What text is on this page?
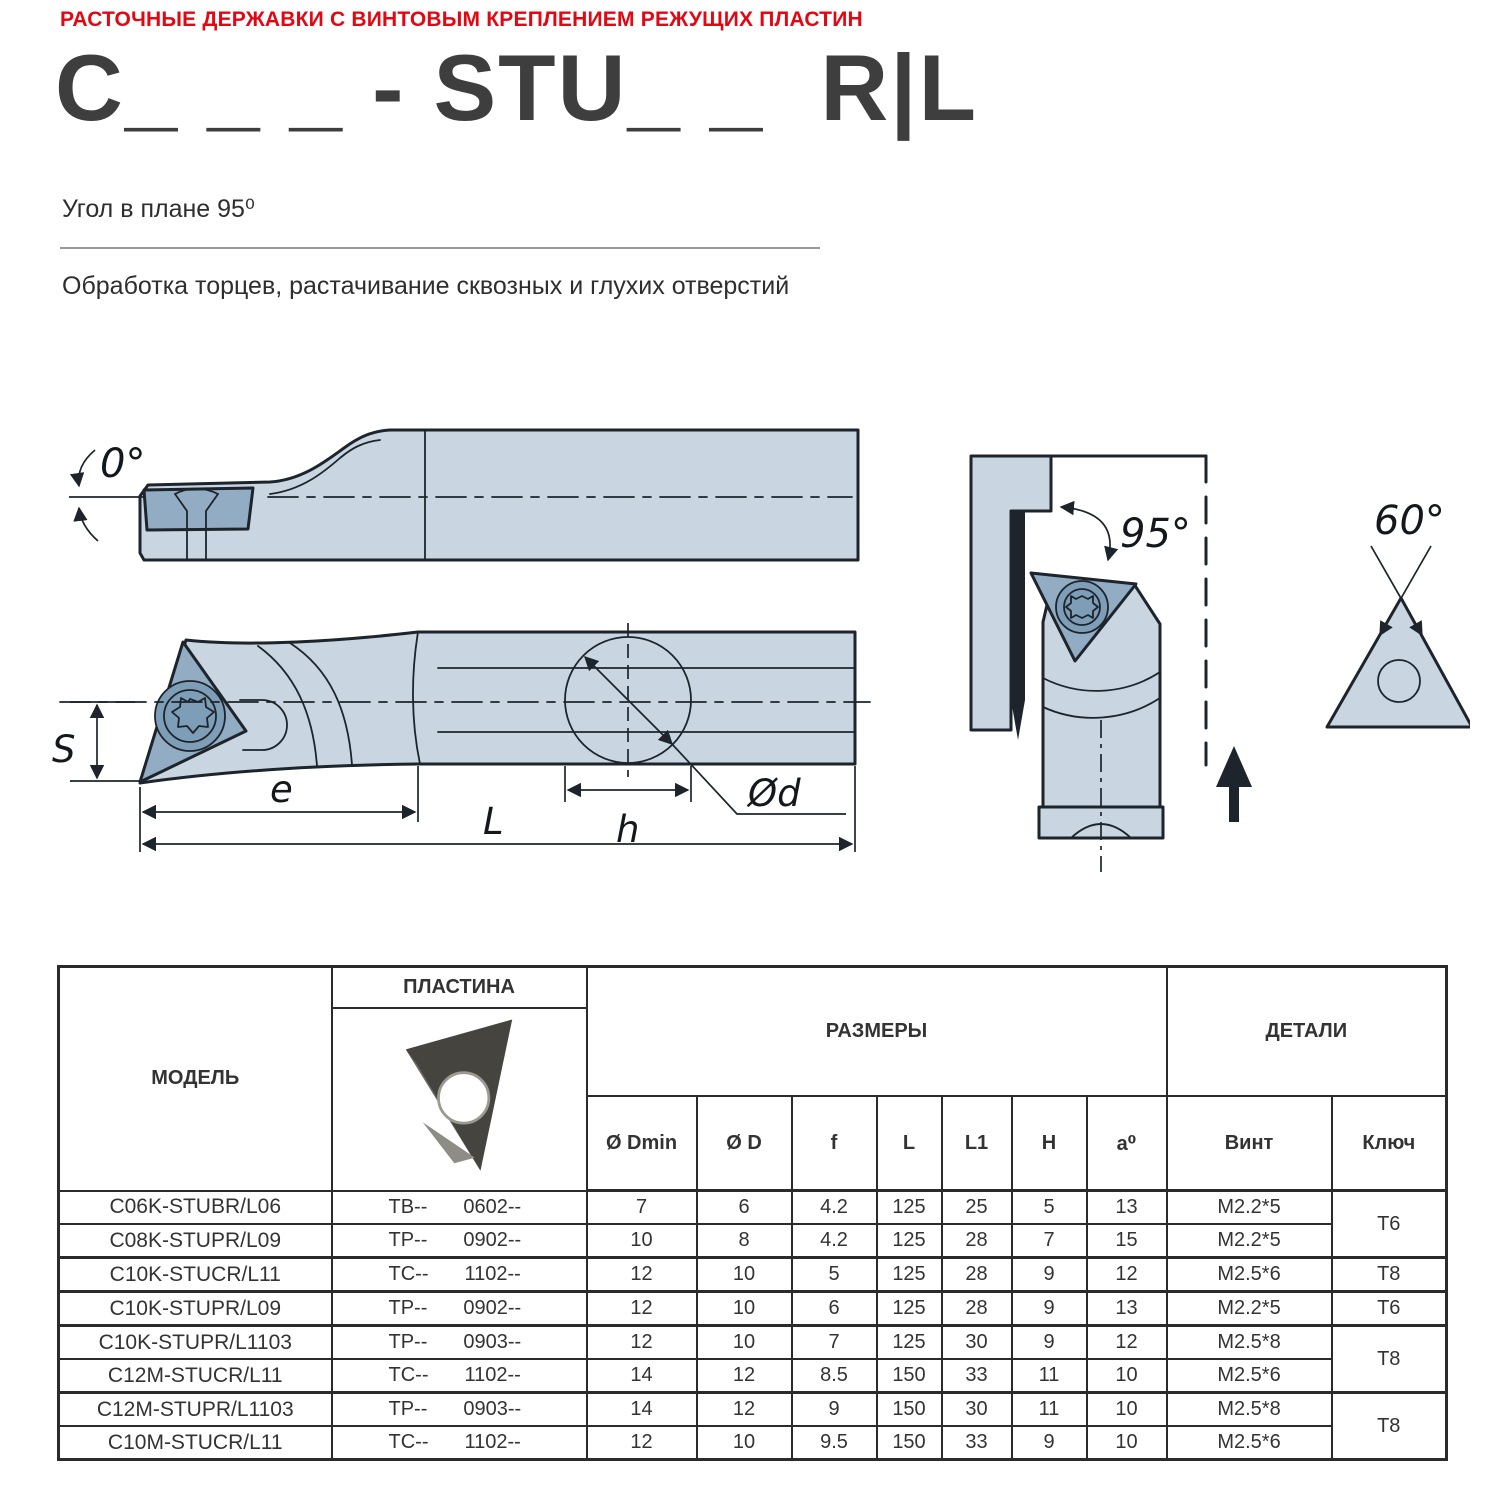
РАСТОЧНЫЕ ДЕРЖАВКИ С ВИНТОВЫМ КРЕПЛЕНИЕМ РЕЖУЩИХ ПЛАСТИН
C_ _ _ - STU_ _  R|L
Угол в плане 95⁰
Обработка торцев, растачивание сквозных и глухих отверстий
0°
S
e
L
Ød
h
95°	60°
МОДЕЛЬ	ПЛАСТИНА	РАЗМЕРЫ							ДЕТАЛИ	

		Ø Dmin	Ø D	f	L	L1	H	a⁰	Винт	Ключ
C06K-STUBR/L06	TB-- 0602--	7	6	4.2	125	25	5	13	M2.2*5	T6
C08K-STUPR/L09	TP-- 0902--	10	8	4.2	125	28	7	15	M2.2*5	
C10K-STUCR/L11	TC-- 1102--	12	10	5	125	28	9	12	M2.5*6	T8
C10K-STUPR/L09	TP-- 0902--	12	10	6	125	28	9	13	M2.2*5	T6
C10K-STUPR/L1103	TP-- 0903--	12	10	7	125	30	9	12	M2.5*8	T8
C12M-STUCR/L11	TC-- 1102--	14	12	8.5	150	33	11	10	M2.5*6	
C12M-STUPR/L1103	TP-- 0903--	14	12	9	150	30	11	10	M2.5*8	T8
C10M-STUCR/L11	TC-- 1102--	12	10	9.5	150	33	9	10	M2.5*6	
